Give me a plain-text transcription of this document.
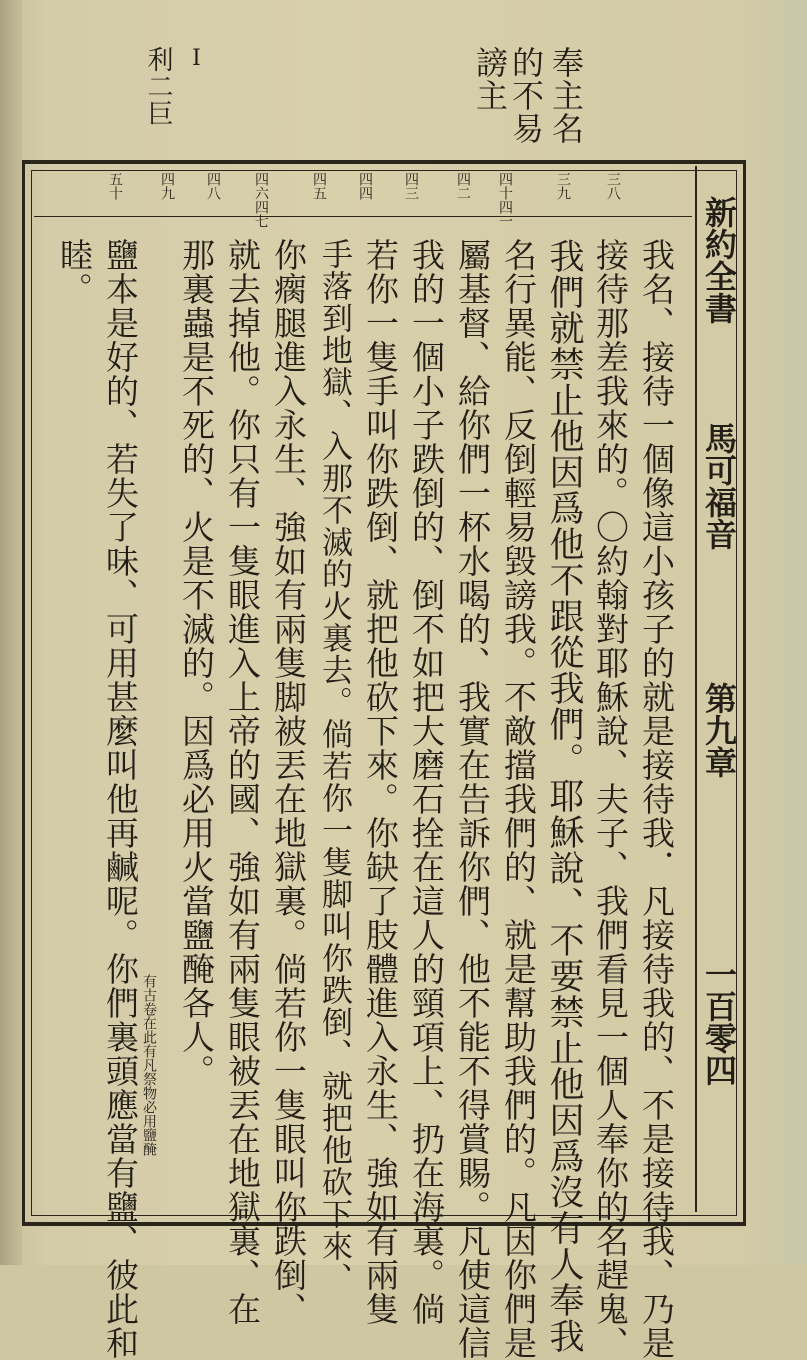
奉主名
的不易
謗主
I
利二巨
新約全書
馬可福音
第九章
一百零四
三八
三九
四十四一
四二
四三
四四
四五
四六四七
四八
四九
五十
我名、接待一個像這小孩子的就是接待我．凡接待我的、不是接待我、乃是
接待那差我來的。〇約翰對耶穌說、夫子、我們看見一個人奉你的名趕鬼、
我們就禁止他因爲他不跟從我們。耶穌說、不要禁止他因爲沒有人奉我
名行異能、反倒輕易毀謗我。不敵擋我們的、就是幫助我們的。凡因你們是
屬基督、給你們一杯水喝的、我實在告訴你們、他不能不得賞賜。凡使這信
我的一個小子跌倒的、倒不如把大磨石拴在這人的頸項上、扔在海裏。倘
若你一隻手叫你跌倒、就把他砍下來。你缺了肢體進入永生、強如有兩隻
手落到地獄、入那不滅的火裏去。倘若你一隻脚叫你跌倒、就把他砍下來、
你瘸腿進入永生、強如有兩隻脚被丟在地獄裏。倘若你一隻眼叫你跌倒、
就去掉他。你只有一隻眼進入上帝的國、強如有兩隻眼被丟在地獄裏、在
那裏蟲是不死的、火是不滅的。因爲必用火當鹽醃各人。
鹽本是好的、若失了味、可用甚麼叫他再鹹呢。你們裏頭應當有鹽、彼此和
睦。
有古卷在此有凡祭物必用鹽醃
